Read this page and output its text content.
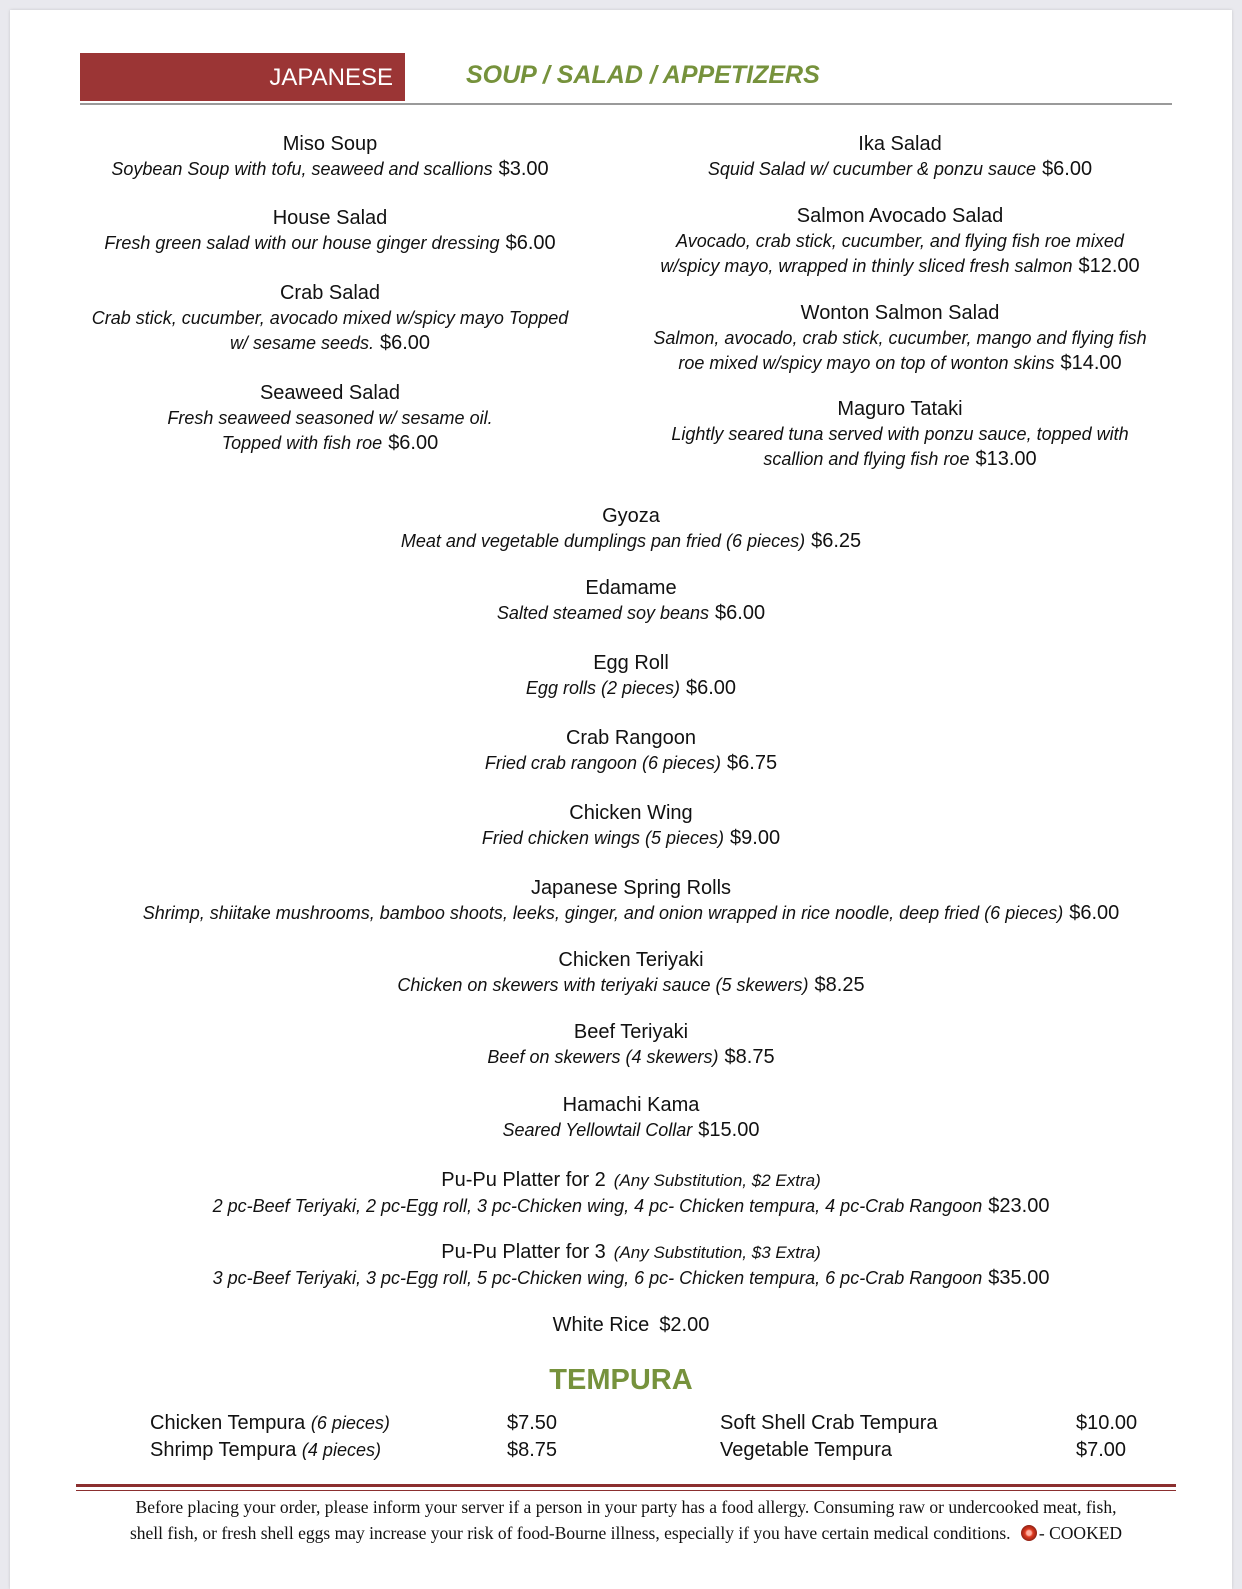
JAPANESE	SOUP / SALAD / APPETIZERS
Miso Soup
Soybean Soup with tofu, seaweed and scallions $3.00
House Salad
Fresh green salad with our house ginger dressing $6.00
Crab Salad
Crab stick, cucumber, avocado mixed w/spicy mayo Topped
w/ sesame seeds. $6.00
Seaweed Salad
Fresh seaweed seasoned w/ sesame oil.
Topped with fish roe $6.00
Ika Salad
Squid Salad w/ cucumber & ponzu sauce $6.00
Salmon Avocado Salad
Avocado, crab stick, cucumber, and flying fish roe mixed
w/spicy mayo, wrapped in thinly sliced fresh salmon $12.00
Wonton Salmon Salad
Salmon, avocado, crab stick, cucumber, mango and flying fish
roe mixed w/spicy mayo on top of wonton skins $14.00
Maguro Tataki
Lightly seared tuna served with ponzu sauce, topped with
scallion and flying fish roe $13.00
Gyoza
Meat and vegetable dumplings pan fried (6 pieces) $6.25
Edamame
Salted steamed soy beans $6.00
Egg Roll
Egg rolls (2 pieces) $6.00
Crab Rangoon
Fried crab rangoon (6 pieces) $6.75
Chicken Wing
Fried chicken wings (5 pieces) $9.00
Japanese Spring Rolls
Shrimp, shiitake mushrooms, bamboo shoots, leeks, ginger, and onion wrapped in rice noodle, deep fried (6 pieces) $6.00
Chicken Teriyaki
Chicken on skewers with teriyaki sauce (5 skewers) $8.25
Beef Teriyaki
Beef on skewers (4 skewers) $8.75
Hamachi Kama
Seared Yellowtail Collar $15.00
Pu-Pu Platter for 2 (Any Substitution, $2 Extra)
2 pc-Beef Teriyaki, 2 pc-Egg roll, 3 pc-Chicken wing, 4 pc- Chicken tempura, 4 pc-Crab Rangoon $23.00
Pu-Pu Platter for 3 (Any Substitution, $3 Extra)
3 pc-Beef Teriyaki, 3 pc-Egg roll, 5 pc-Chicken wing, 6 pc- Chicken tempura, 6 pc-Crab Rangoon $35.00
White Rice $2.00
TEMPURA
Chicken Tempura (6 pieces)	$7.50
Shrimp Tempura (4 pieces)	$8.75
Soft Shell Crab Tempura	$10.00
Vegetable Tempura	$7.00
Before placing your order, please inform your server if a person in your party has a food allergy. Consuming raw or undercooked meat, fish,
shell fish, or fresh shell eggs may increase your risk of food-Bourne illness, especially if you have certain medical conditions. - COOKED
